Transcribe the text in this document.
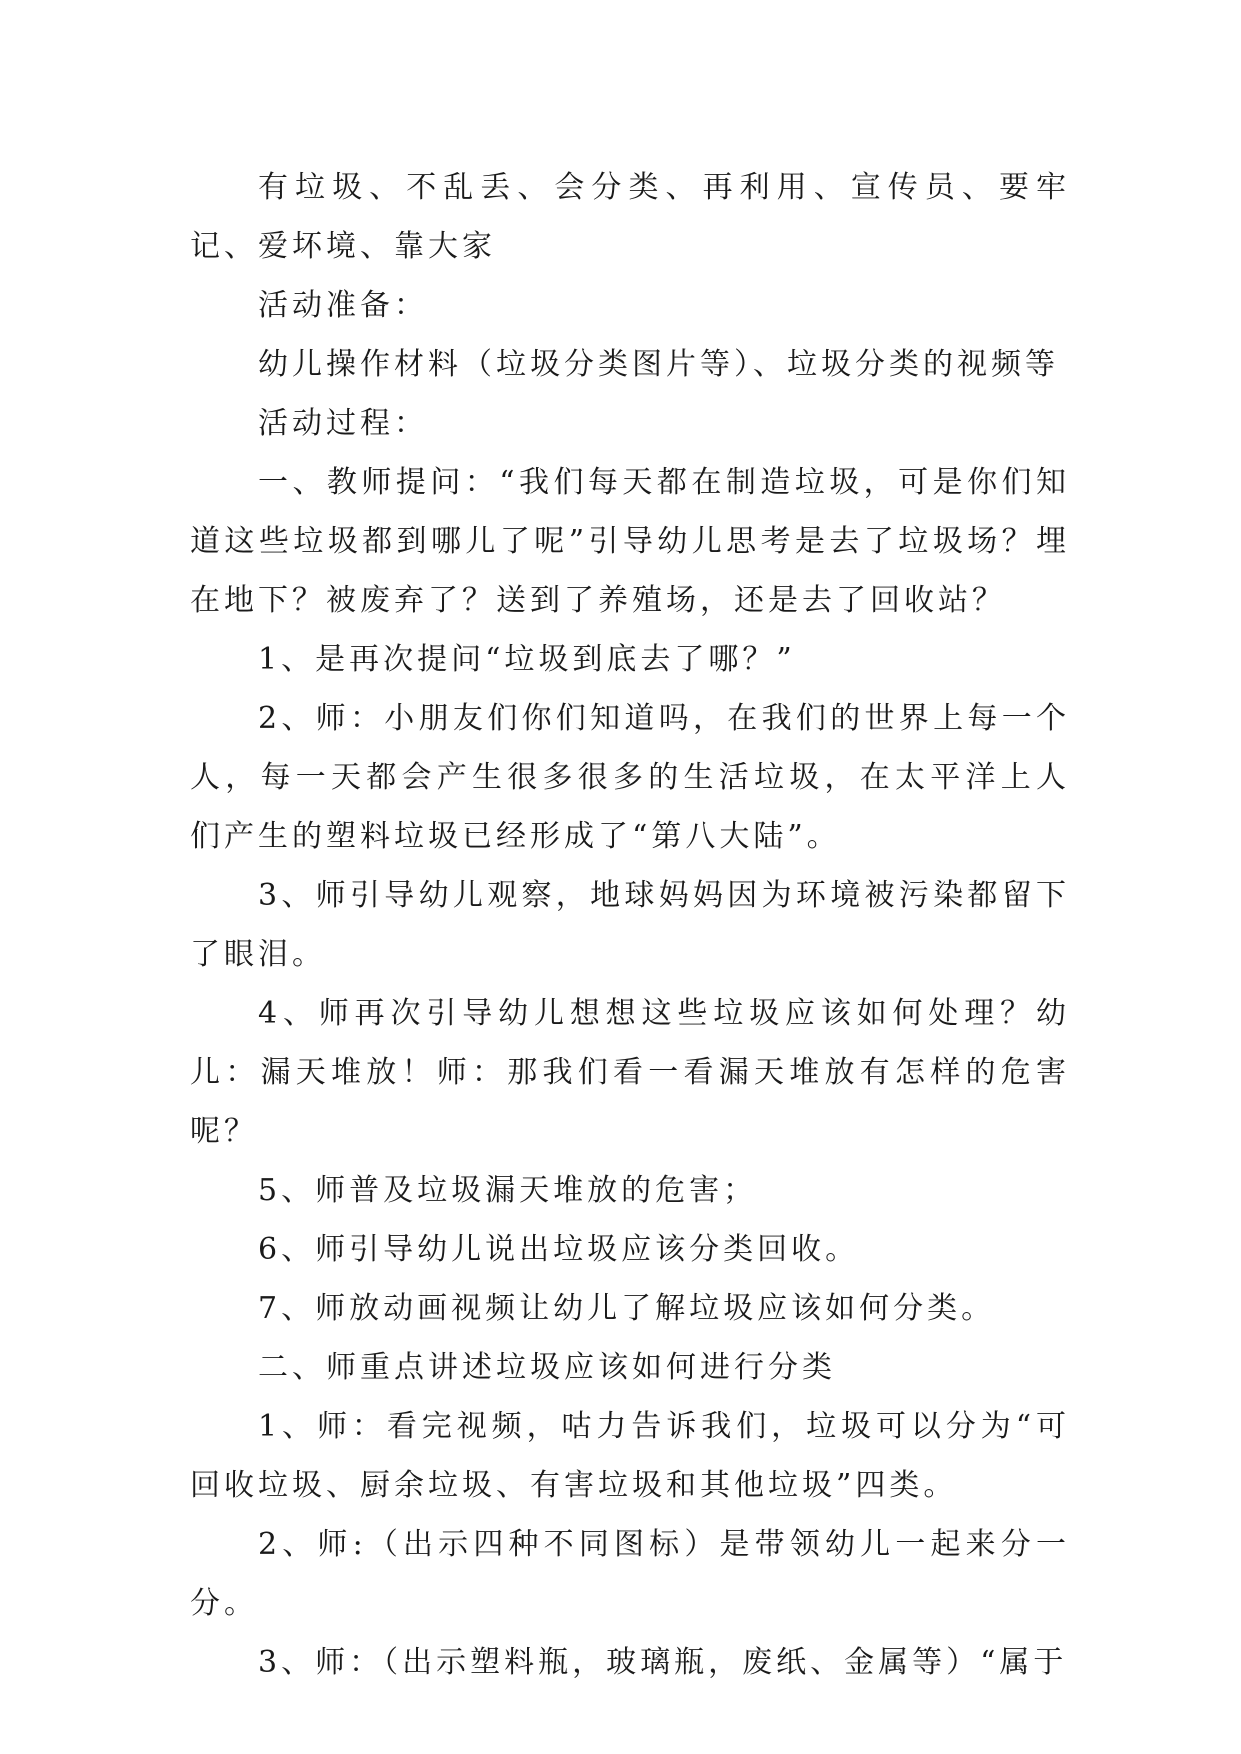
有垃圾、不乱丢、会分类、再利用、宣传员、要牢记、爱坏境、靠大家

活动准备：

幼儿操作材料（垃圾分类图片等）、垃圾分类的视频等

活动过程：

一、教师提问：“我们每天都在制造垃圾，可是你们知道这些垃圾都到哪儿了呢”引导幼儿思考是去了垃圾场？埋在地下？被废弃了？送到了养殖场，还是去了回收站？

1、是再次提问“垃圾到底去了哪？”

2、师：小朋友们你们知道吗，在我们的世界上每一个人，每一天都会产生很多很多的生活垃圾，在太平洋上人们产生的塑料垃圾已经形成了“第八大陆”。

3、师引导幼儿观察，地球妈妈因为环境被污染都留下了眼泪。

4、师再次引导幼儿想想这些垃圾应该如何处理？幼儿：漏天堆放！师：那我们看一看漏天堆放有怎样的危害呢？

5、师普及垃圾漏天堆放的危害；

6、师引导幼儿说出垃圾应该分类回收。

7、师放动画视频让幼儿了解垃圾应该如何分类。

二、师重点讲述垃圾应该如何进行分类

1、师：看完视频，咕力告诉我们，垃圾可以分为“可回收垃圾、厨余垃圾、有害垃圾和其他垃圾”四类。

2、师:（出示四种不同图标）是带领幼儿一起来分一分。

3、师：（出示塑料瓶，玻璃瓶，废纸、金属等）“属于
